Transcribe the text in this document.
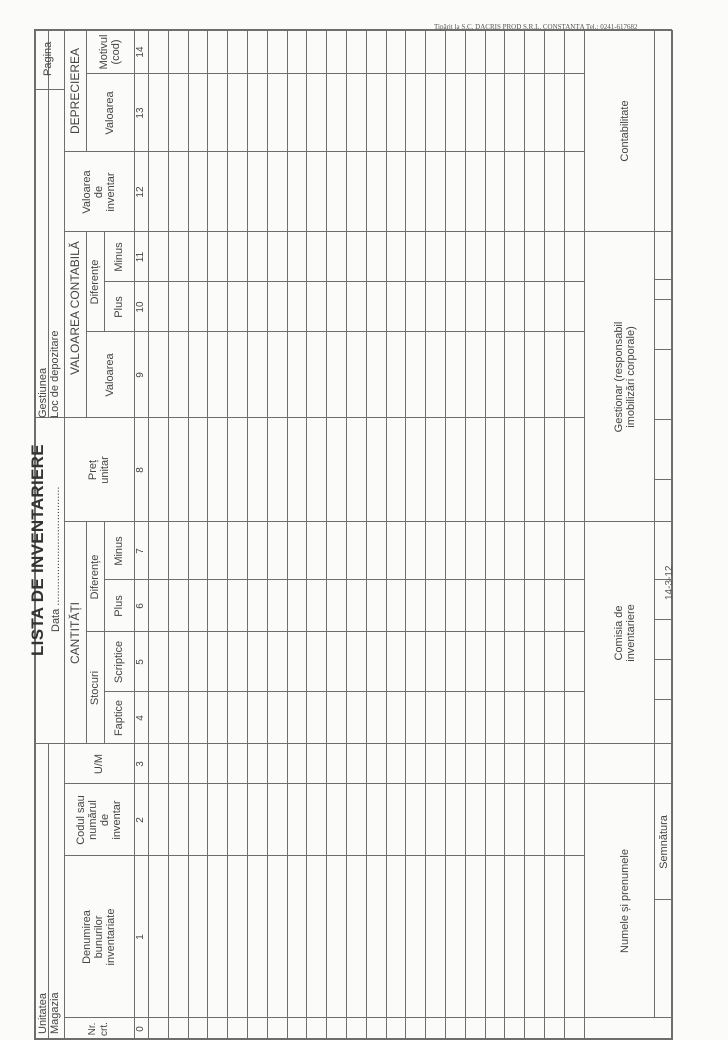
Unitatea Magazia
LISTA DE INVENTARIERE Data .......................................
Gestiunea Loc de depozitare
Pagina
Nr.
crt.
Denumirea
bunurilor
inventariate
Codul sau
numărul
de
inventar
U/M
CANTITĂȚI
Stocuri
Faptice
Scriptice
Diferențe
Plus
Minus
Preț
unitar
VALOAREA CONTABILĂ
Valoarea
Diferențe
Plus
Minus
Valoarea
de
inventar
DEPRECIEREA	Valoarea
Motivul
(cod)
0
1
2
3
4
5
6
7
8
9
10
11
12
13
14
Numele și prenumele
Semnătura
Comisia de
inventariere
Gestionar (responsabil
imobilizări corporale)
Contabilitate
Tipărit la S.C. DACRIS PROD S.R.L. CONSTANȚA Tel.: 0241-617682
14-3-12
